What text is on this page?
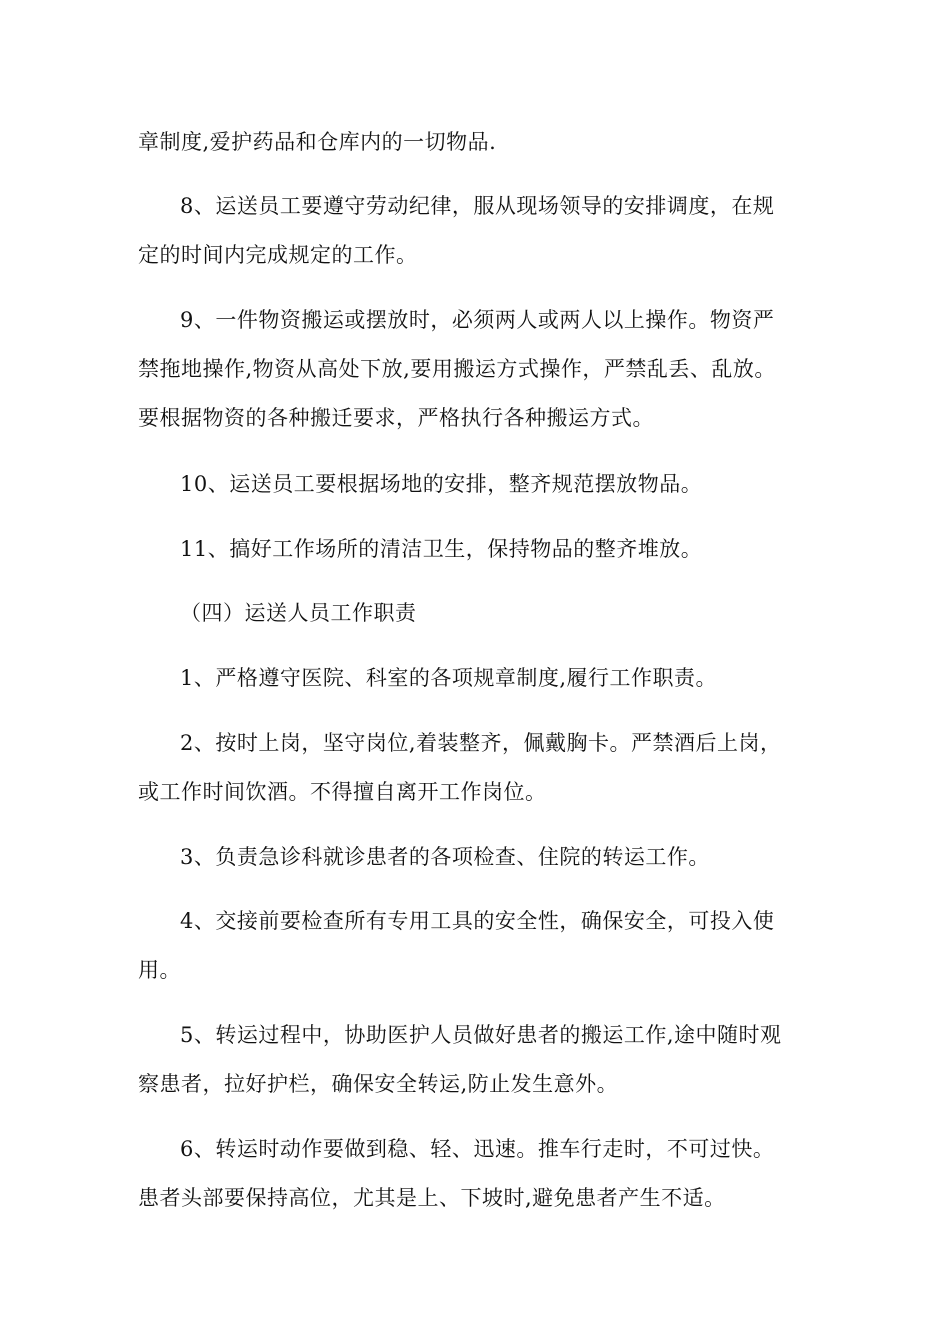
章制度,爱护药品和仓库内的一切物品.
8、运送员工要遵守劳动纪律，服从现场领导的安排调度，在规
定的时间内完成规定的工作。
9、一件物资搬运或摆放时，必须两人或两人以上操作。物资严
禁拖地操作,物资从高处下放,要用搬运方式操作，严禁乱丢、乱放。
要根据物资的各种搬迁要求，严格执行各种搬运方式。
10、运送员工要根据场地的安排，整齐规范摆放物品。
11、搞好工作场所的清洁卫生，保持物品的整齐堆放。
（四）运送人员工作职责
1、严格遵守医院、科室的各项规章制度,履行工作职责。
2、按时上岗，坚守岗位,着装整齐，佩戴胸卡。严禁酒后上岗，
或工作时间饮酒。不得擅自离开工作岗位。
3、负责急诊科就诊患者的各项检查、住院的转运工作。
4、交接前要检查所有专用工具的安全性，确保安全，可投入使
用。
5、转运过程中，协助医护人员做好患者的搬运工作,途中随时观
察患者，拉好护栏，确保安全转运,防止发生意外。
6、转运时动作要做到稳、轻、迅速。推车行走时，不可过快。
患者头部要保持高位，尤其是上、下坡时,避免患者产生不适。
